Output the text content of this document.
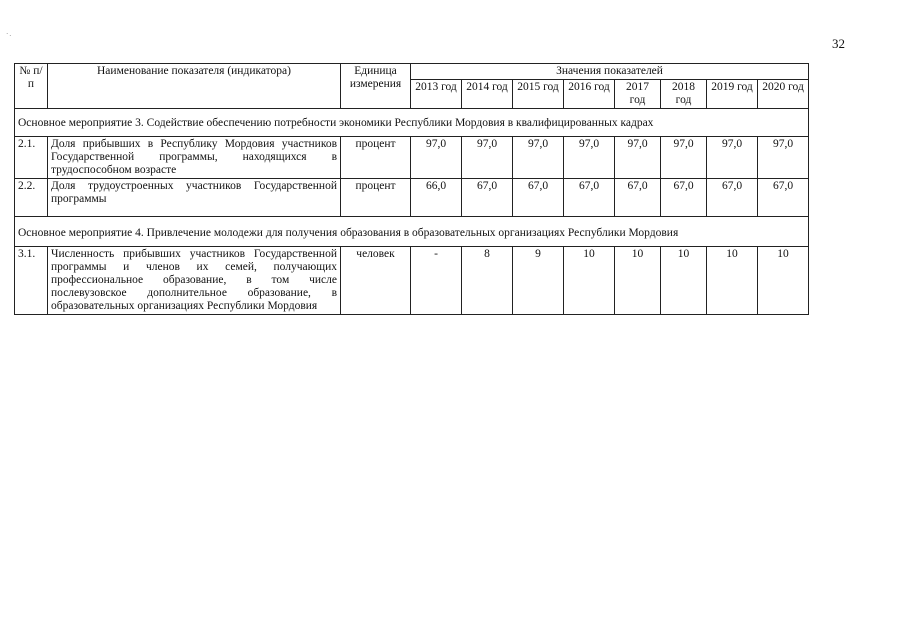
32
·.
№ п/п	Наименование показателя (индикатора)	Единица измерения	Значения показателей							
			2013 год	2014 год	2015 год	2016 год	2017 год	2018 год	2019 год	2020 год
Основное мероприятие 3. Содействие обеспечению потребности экономики Республики Мордовия в квалифицированных кадрах										
2.1.	Доля прибывших в Республику Мордовия участников Государственной программы, находящихся в трудоспособном возрасте	процент	97,0	97,0	97,0	97,0	97,0	97,0	97,0	97,0
2.2.	Доля трудоустроенных участников Государственной программы	процент	66,0	67,0	67,0	67,0	67,0	67,0	67,0	67,0
Основное мероприятие 4. Привлечение молодежи для получения образования в образовательных организациях Республики Мордовия										
3.1.	Численность прибывших участников Государственной программы и членов их семей, получающих профессиональное образование, в том числе послевузовское дополнительное образование, в образовательных организациях Республики Мордовия	человек	-	8	9	10	10	10	10	10
